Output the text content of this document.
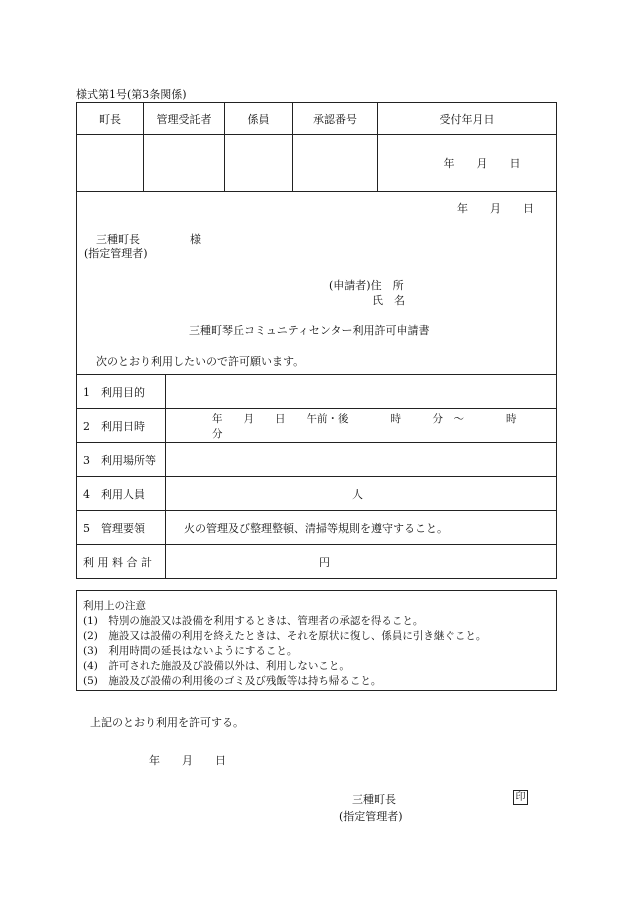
様式第1号(第3条関係)
町長	管理受託者	係員	承認番号	受付年月日
				年　　月　　日
年　　月　　日
三種町長	様
(指定管理者)
(申請者)住　所
氏　名
三種町琴丘コミュニティセンター利用許可申請書
次のとおり利用したいので許可願います。
1　利用目的	
2　利用日時	年　　月　　日　　午前・後　　　　時　　　分　～　　　　時　　　分
3　利用場所等	
4　利用人員	人
5　管理要領	火の管理及び整理整頓、清掃等規則を遵守すること。
利 用 料 合 計	円
利用上の注意
(1)　特別の施設又は設備を利用するときは、管理者の承認を得ること。
(2)　施設又は設備の利用を終えたときは、それを原状に復し、係員に引き継ぐこと。
(3)　利用時間の延長はないようにすること。
(4)　許可された施設及び設備以外は、利用しないこと。
(5)　施設及び設備の利用後のゴミ及び残飯等は持ち帰ること。
上記のとおり利用を許可する。
年　　月　　日
三種町長
(指定管理者)
印
